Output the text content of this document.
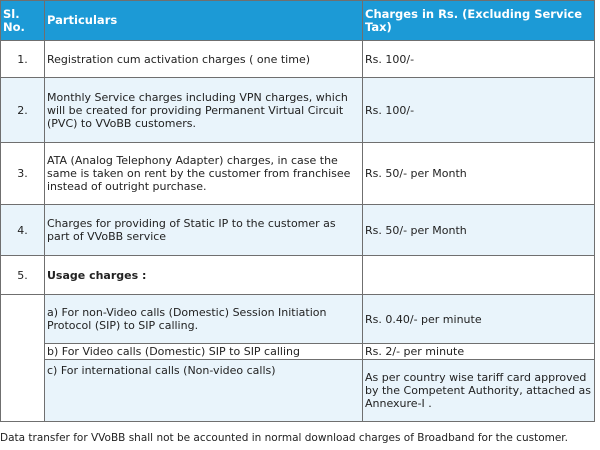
Sl. No.	Particulars	Charges in Rs. (Excluding Service Tax)
1.	Registration cum activation charges ( one time)	Rs. 100/-
2.	Monthly Service charges including VPN charges, which will be created for providing Permanent Virtual Circuit (PVC) to VVoBB customers.	Rs. 100/-
3.	ATA (Analog Telephony Adapter) charges, in case the same is taken on rent by the customer from franchisee instead of outright purchase.	Rs. 50/- per Month
4.	Charges for providing of Static IP to the customer as part of VVoBB service	Rs. 50/- per Month
5.	Usage charges :	
	a) For non-Video calls (Domestic) Session Initiation Protocol (SIP) to SIP calling.	Rs. 0.40/- per minute
	b) For Video calls (Domestic) SIP to SIP calling	Rs. 2/- per minute
	c) For international calls (Non-video calls)	As per country wise tariff card approved by the Competent Authority, attached as Annexure-I .
Data transfer for VVoBB shall not be accounted in normal download charges of Broadband for the customer.
